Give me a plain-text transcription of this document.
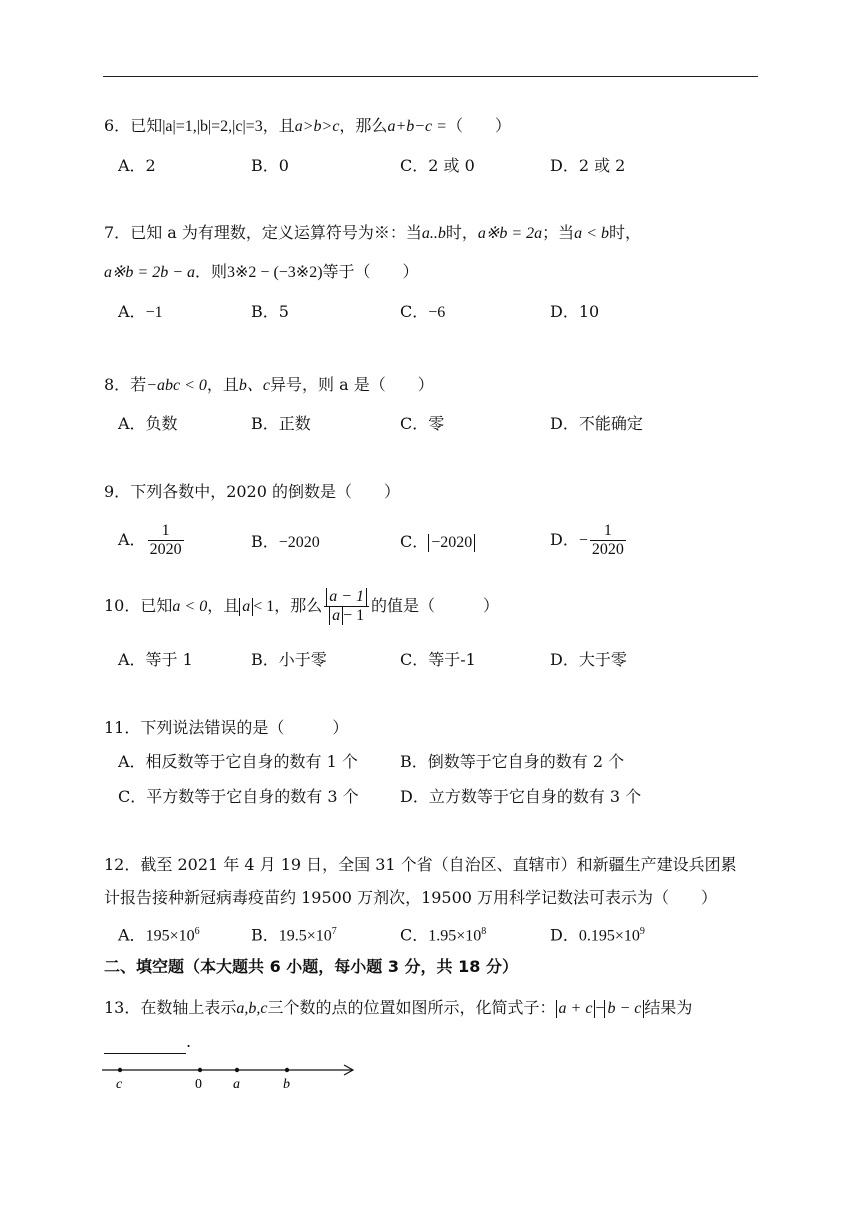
6．已知|a|=1,|b|=2,|c|=3，且a>b>c，那么a+b−c =（　　）
A．2	B．0	C．2 或 0	D．2 或 2
7．已知 a 为有理数，定义运算符号为※：当a..b时，a※b = 2a；当a < b时，
a※b = 2b − a．则3※2 − (−3※2)等于（　　）
A．−1	B．5	C．−6	D．10
8．若−abc < 0，且b、c异号，则 a 是（　　）
A．负数	B．正数	C．零	D．不能确定
9．下列各数中，2020 的倒数是（　　）
A． $\frac{1}{2020}$	B．−2020	C． −2020	D．− $\frac{1}{2020}$
10．已知a < 0，且 a < 1，那么 $\frac{a - 1}{a - 1}$ 的值是（　　　）
A．等于 1	B．小于零	C．等于-1	D．大于零
11．下列说法错误的是（　　　）
A．相反数等于它自身的数有 1 个	B．倒数等于它自身的数有 2 个
C．平方数等于它自身的数有 3 个	D．立方数等于它自身的数有 3 个
12．截至 2021 年 4 月 19 日，全国 31 个省（自治区、直辖市）和新疆生产建设兵团累
计报告接种新冠病毒疫苗约 19500 万剂次，19500 万用科学记数法可表示为（　　）
A．$195\times 10^6$	B．$19.5\times 10^7$	C．$1.95\times 10^8$	D．$0.195\times 10^9$
二、填空题（本大题共 6 小题，每小题 3 分，共 18 分）
13．在数轴上表示a,b,c三个数的点的位置如图所示，化简式子： a + c − b − c 结果为
.
c	0 a	b
